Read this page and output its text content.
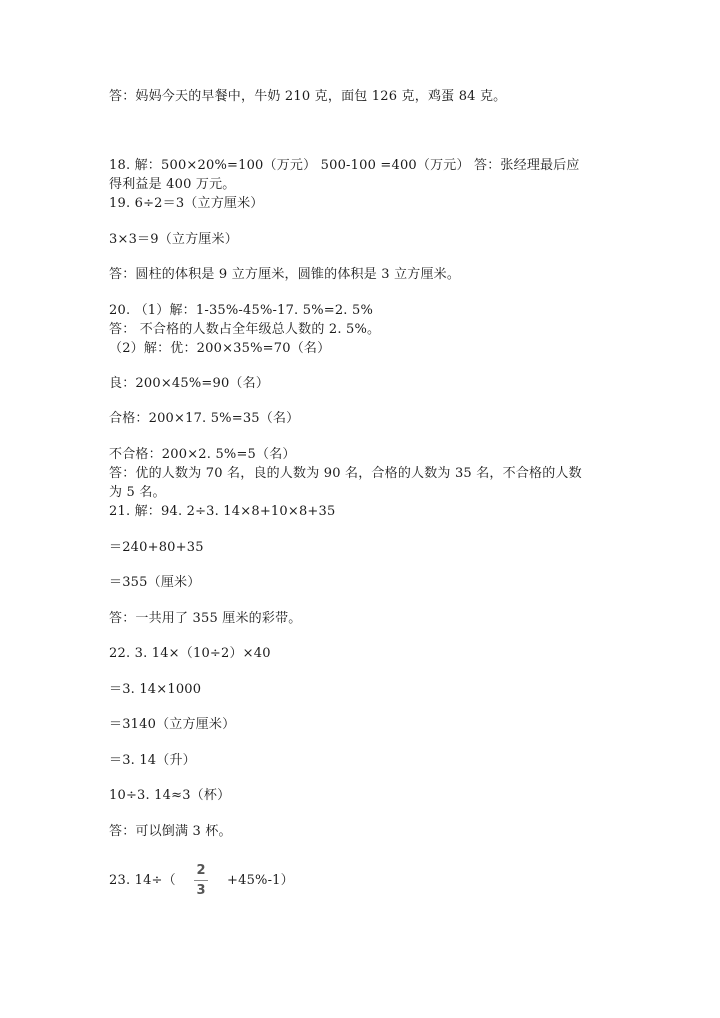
答：妈妈今天的早餐中，牛奶 210 克，面包 126 克，鸡蛋 84 克。
18. 解：500×20%=100（万元） 500-100 =400（万元） 答：张经理最后应
得利益是 400 万元。
19. 6÷2＝3（立方厘米）
3×3＝9（立方厘米）
答：圆柱的体积是 9 立方厘米，圆锥的体积是 3 立方厘米。
20. （1）解：1-35%-45%-17. 5%=2. 5%
答： 不合格的人数占全年级总人数的 2. 5%。
（2）解：优：200×35%=70（名）
良：200×45%=90（名）
合格：200×17. 5%=35（名）
不合格：200×2. 5%=5（名）
答：优的人数为 70 名，良的人数为 90 名，合格的人数为 35 名，不合格的人数
为 5 名。
21. 解：94. 2÷3. 14×8+10×8+35
＝240+80+35
＝355（厘米）
答：一共用了 355 厘米的彩带。
22. 3. 14×（10÷2）×40
＝3. 14×1000
＝3140（立方厘米）
＝3. 14（升）
10÷3. 14≈3（杯）
答：可以倒满 3 杯。
23. 14÷（
2
3
+45%-1）
